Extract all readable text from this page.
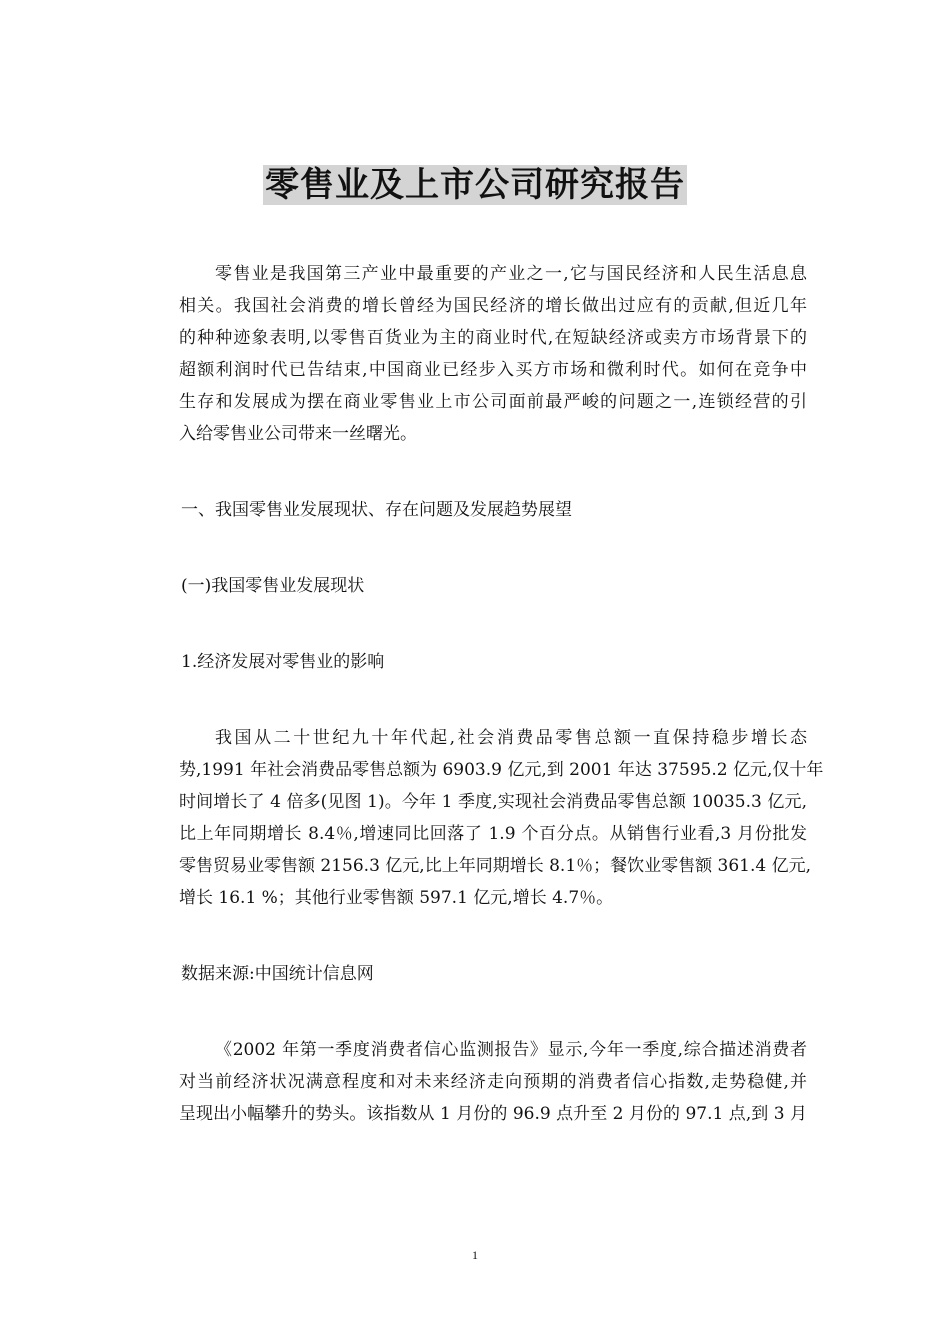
零售业及上市公司研究报告
零售业是我国第三产业中最重要的产业之一,它与国民经济和人民生活息息
相关。我国社会消费的增长曾经为国民经济的增长做出过应有的贡献,但近几年
的种种迹象表明,以零售百货业为主的商业时代,在短缺经济或卖方市场背景下的
超额利润时代已告结束,中国商业已经步入买方市场和微利时代。如何在竞争中
生存和发展成为摆在商业零售业上市公司面前最严峻的问题之一,连锁经营的引
入给零售业公司带来一丝曙光。

一、我国零售业发展现状、存在问题及发展趋势展望

(一)我国零售业发展现状

1.经济发展对零售业的影响

我国从二十世纪九十年代起,社会消费品零售总额一直保持稳步增长态
势,1991 年社会消费品零售总额为 6903.9 亿元,到 2001 年达 37595.2 亿元,仅十年
时间增长了 4 倍多(见图 1)。今年 1 季度,实现社会消费品零售总额 10035.3 亿元,
比上年同期增长 8.4％,增速同比回落了 1.9 个百分点。从销售行业看,3 月份批发
零售贸易业零售额 2156.3 亿元,比上年同期增长 8.1％；餐饮业零售额 361.4 亿元,
增长 16.1 %；其他行业零售额 597.1 亿元,增长 4.7％。

数据来源:中国统计信息网

《2002 年第一季度消费者信心监测报告》显示,今年一季度,综合描述消费者
对当前经济状况满意程度和对未来经济走向预期的消费者信心指数,走势稳健,并
呈现出小幅攀升的势头。该指数从 1 月份的 96.9 点升至 2 月份的 97.1 点,到 3 月
1
